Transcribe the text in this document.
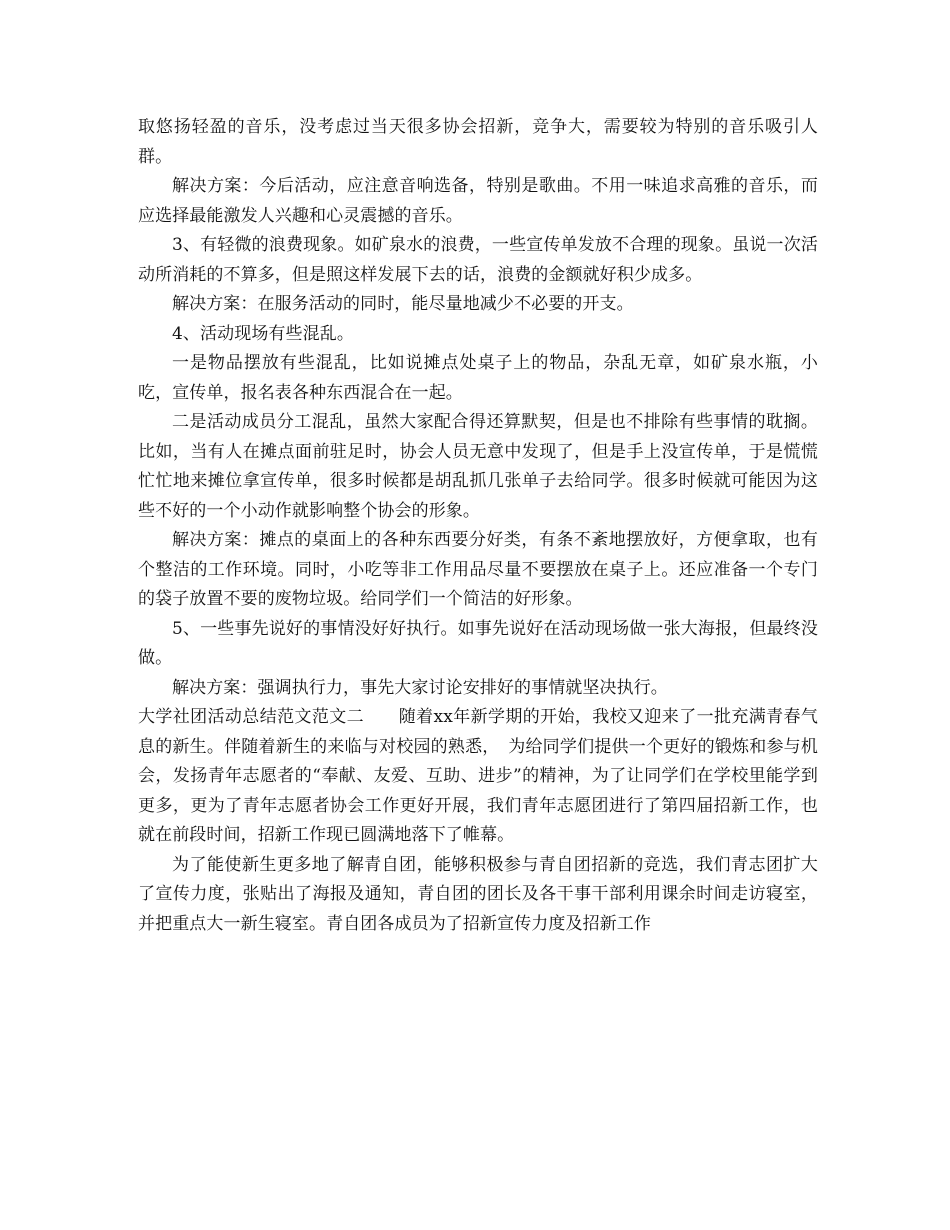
取悠扬轻盈的音乐，没考虑过当天很多协会招新，竞争大，需要较为特别的音乐吸引人群。

解决方案：今后活动，应注意音响选备，特别是歌曲。不用一味追求高雅的音乐，而应选择最能激发人兴趣和心灵震撼的音乐。

3、有轻微的浪费现象。如矿泉水的浪费，一些宣传单发放不合理的现象。虽说一次活动所消耗的不算多，但是照这样发展下去的话，浪费的金额就好积少成多。

解决方案：在服务活动的同时，能尽量地减少不必要的开支。

4、活动现场有些混乱。

一是物品摆放有些混乱，比如说摊点处桌子上的物品，杂乱无章，如矿泉水瓶，小吃，宣传单，报名表各种东西混合在一起。

二是活动成员分工混乱，虽然大家配合得还算默契，但是也不排除有些事情的耽搁。比如，当有人在摊点面前驻足时，协会人员无意中发现了，但是手上没宣传单，于是慌慌忙忙地来摊位拿宣传单，很多时候都是胡乱抓几张单子去给同学。很多时候就可能因为这些不好的一个小动作就影响整个协会的形象。

解决方案：摊点的桌面上的各种东西要分好类，有条不紊地摆放好，方便拿取，也有个整洁的工作环境。同时，小吃等非工作用品尽量不要摆放在桌子上。还应准备一个专门的袋子放置不要的废物垃圾。给同学们一个简洁的好形象。

5、一些事先说好的事情没好好执行。如事先说好在活动现场做一张大海报，但最终没做。

解决方案：强调执行力，事先大家讨论安排好的事情就坚决执行。

大学社团活动总结范文范文二　　随着xx年新学期的开始，我校又迎来了一批充满青春气息的新生。伴随着新生的来临与对校园的熟悉，　为给同学们提供一个更好的锻炼和参与机会，发扬青年志愿者的“奉献、友爱、互助、进步”的精神，为了让同学们在学校里能学到更多，更为了青年志愿者协会工作更好开展，我们青年志愿团进行了第四届招新工作，也就在前段时间，招新工作现已圆满地落下了帷幕。

为了能使新生更多地了解青自团，能够积极参与青自团招新的竞选，我们青志团扩大了宣传力度，张贴出了海报及通知，青自团的团长及各干事干部利用课余时间走访寝室，并把重点大一新生寝室。青自团各成员为了招新宣传力度及招新工作
